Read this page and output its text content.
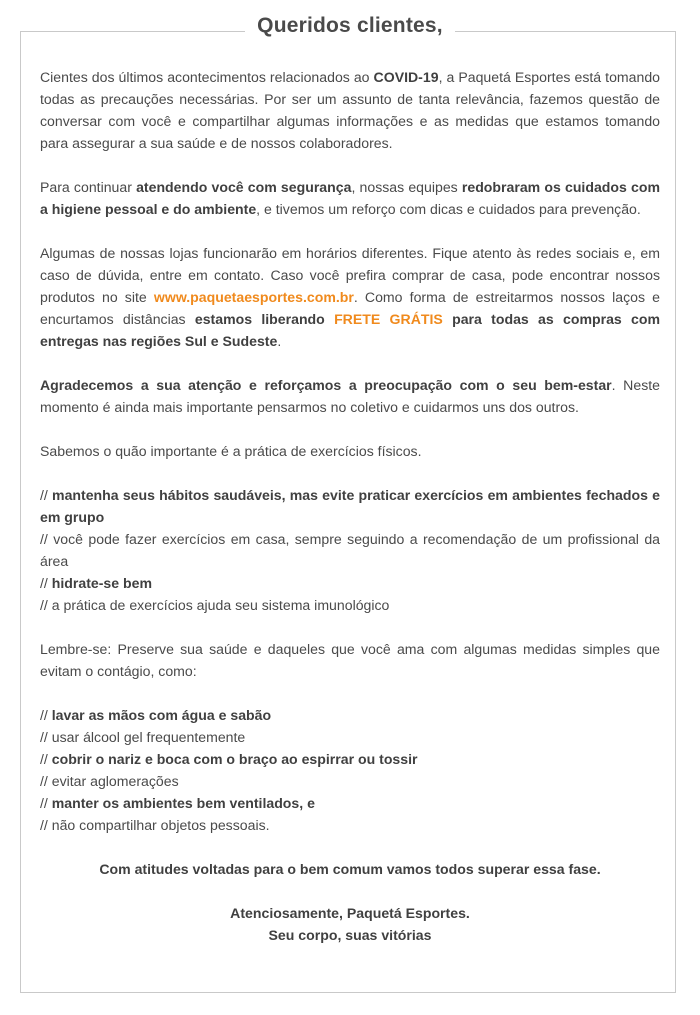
Queridos clientes,

Cientes dos últimos acontecimentos relacionados ao COVID-19, a Paquetá Esportes está tomando todas as precauções necessárias. Por ser um assunto de tanta relevância, fazemos questão de conversar com você e compartilhar algumas informações e as medidas que estamos tomando para assegurar a sua saúde e de nossos colaboradores.

Para continuar atendendo você com segurança, nossas equipes redobraram os cuidados com a higiene pessoal e do ambiente, e tivemos um reforço com dicas e cuidados para prevenção.

Algumas de nossas lojas funcionarão em horários diferentes. Fique atento às redes sociais e, em caso de dúvida, entre em contato. Caso você prefira comprar de casa, pode encontrar nossos produtos no site www.paquetaesportes.com.br. Como forma de estreitarmos nossos laços e encurtamos distâncias estamos liberando FRETE GRÁTIS para todas as compras com entregas nas regiões Sul e Sudeste.

Agradecemos a sua atenção e reforçamos a preocupação com o seu bem-estar. Neste momento é ainda mais importante pensarmos no coletivo e cuidarmos uns dos outros.

Sabemos o quão importante é a prática de exercícios físicos.

// mantenha seus hábitos saudáveis, mas evite praticar exercícios em ambientes fechados e em grupo
// você pode fazer exercícios em casa, sempre seguindo a recomendação de um profissional da área
// hidrate-se bem
// a prática de exercícios ajuda seu sistema imunológico

Lembre-se: Preserve sua saúde e daqueles que você ama com algumas medidas simples que evitam o contágio, como:

// lavar as mãos com água e sabão
// usar álcool gel frequentemente
// cobrir o nariz e boca com o braço ao espirrar ou tossir
// evitar aglomerações
// manter os ambientes bem ventilados, e
// não compartilhar objetos pessoais.

Com atitudes voltadas para o bem comum vamos todos superar essa fase.

Atenciosamente, Paquetá Esportes.

Seu corpo, suas vitórias
